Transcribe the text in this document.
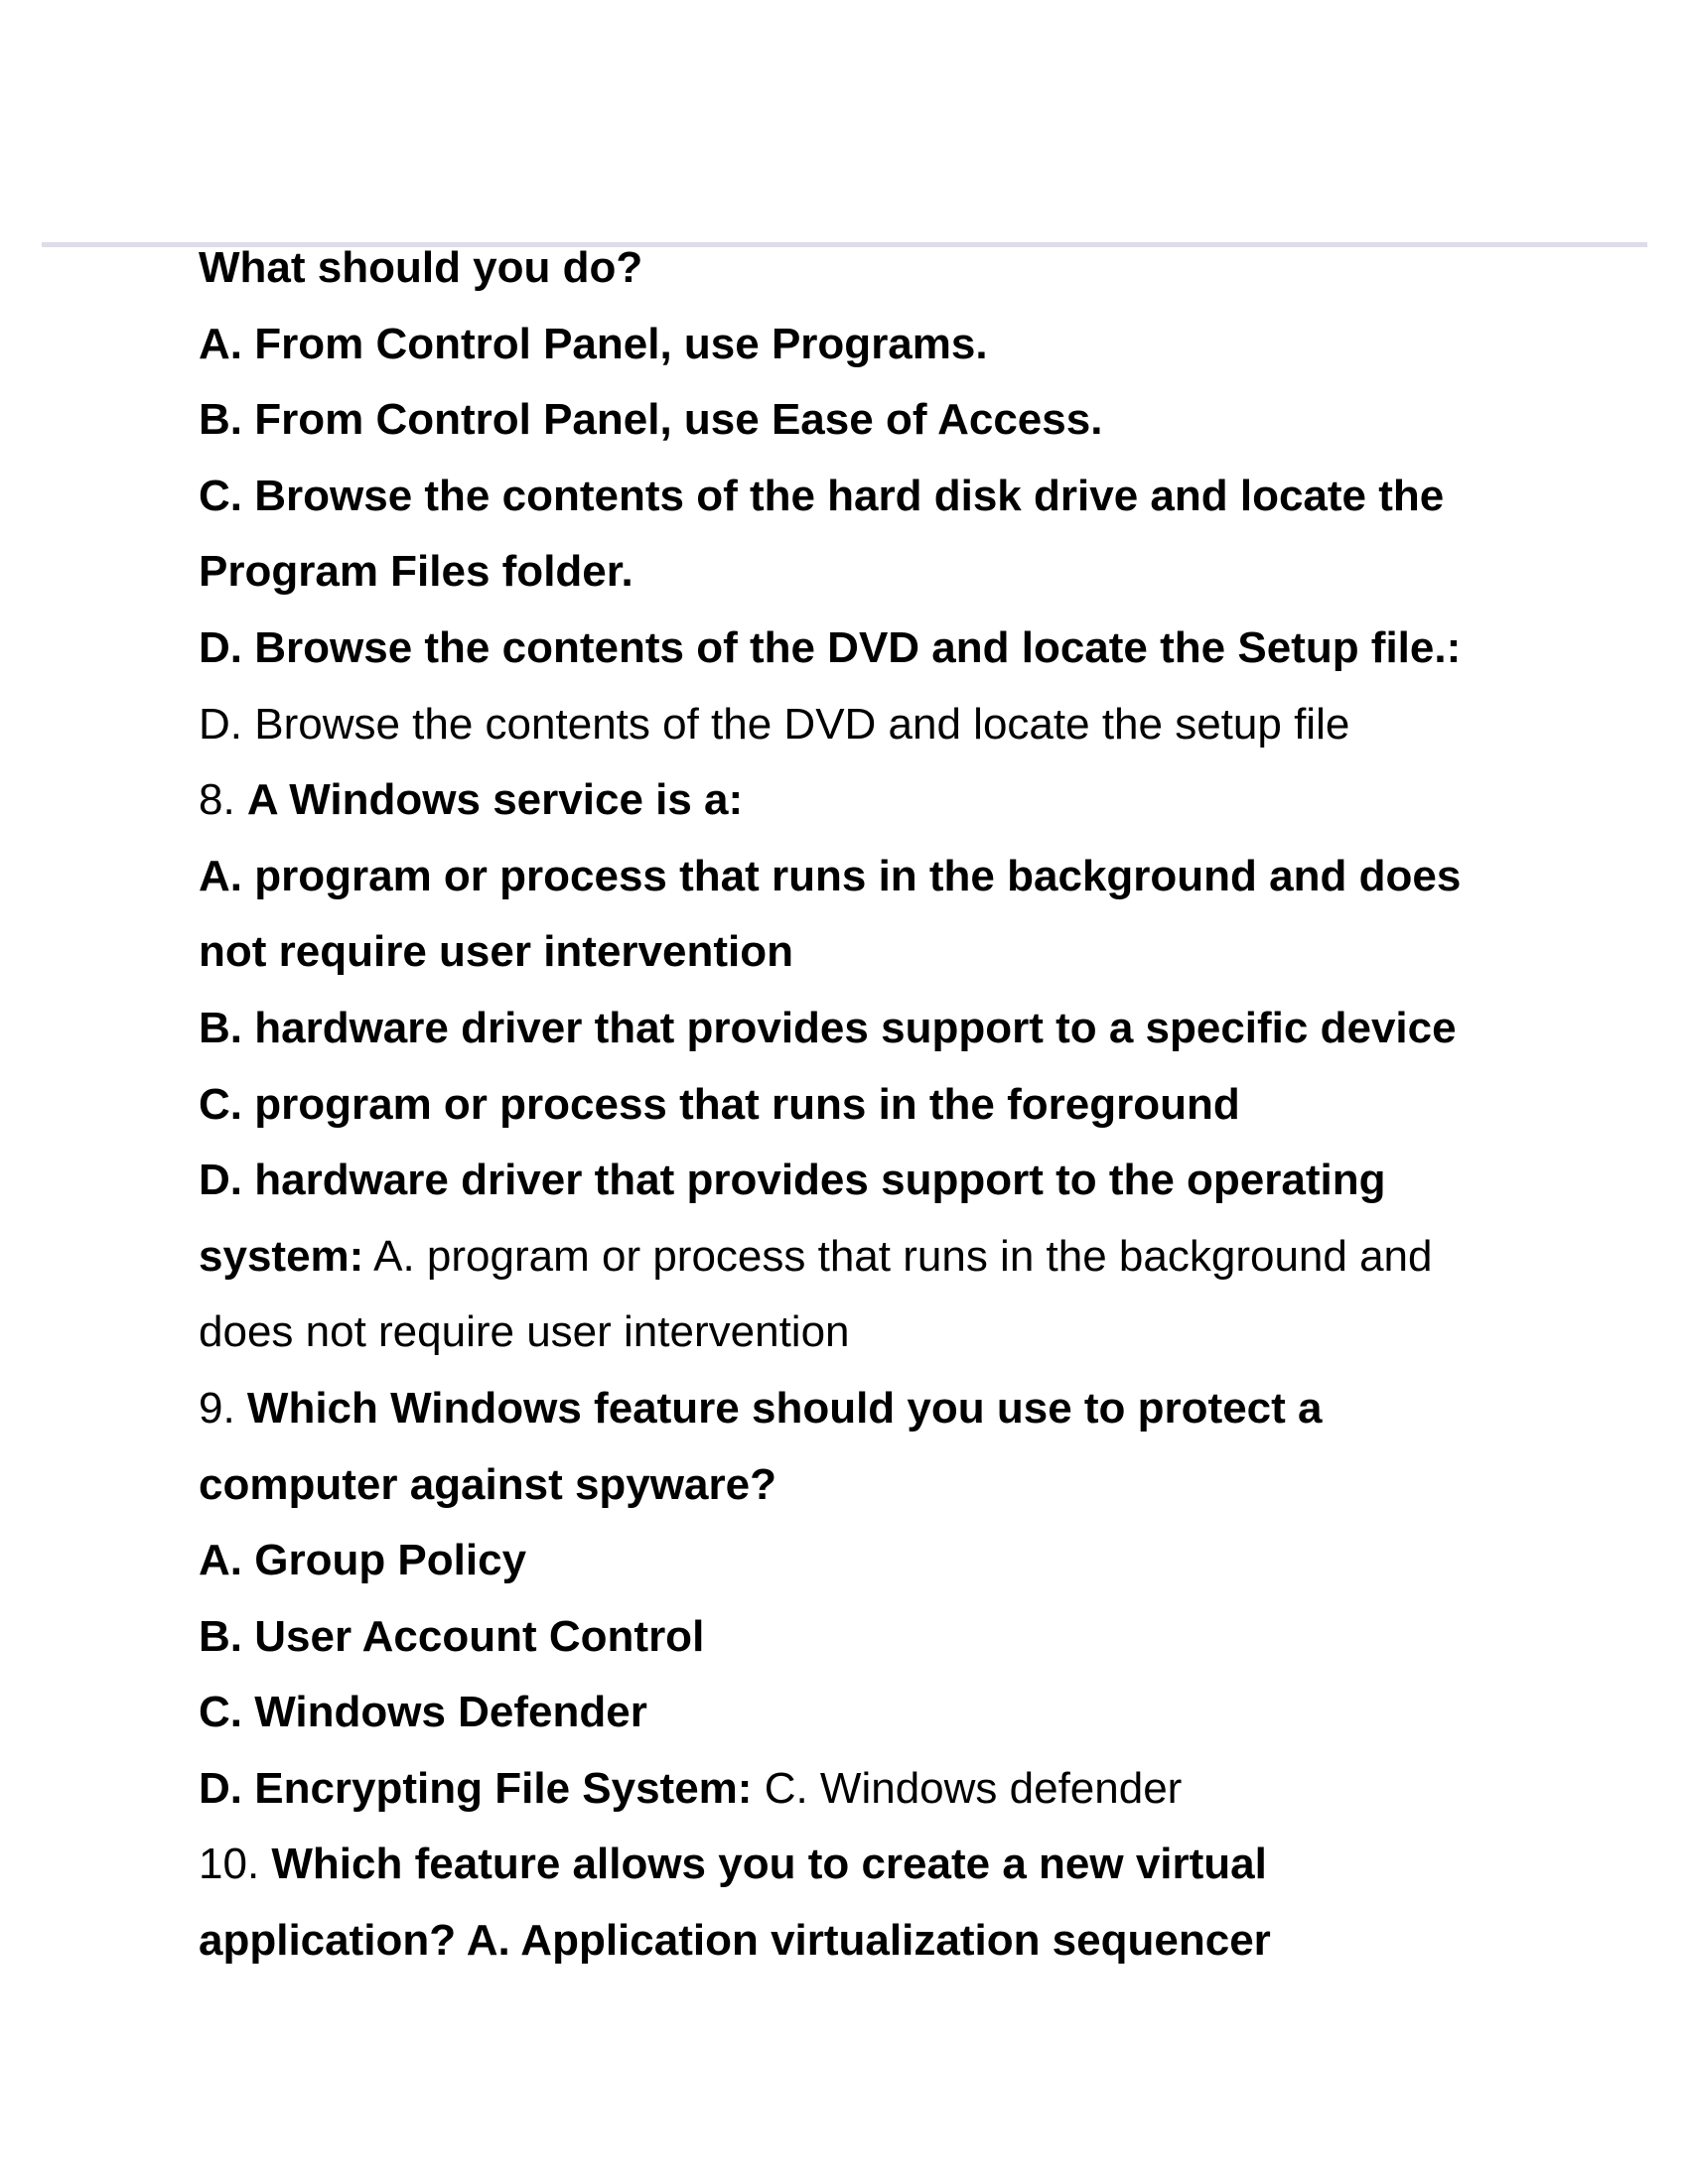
What should you do?
A. From Control Panel, use Programs.
B. From Control Panel, use Ease of Access.
C. Browse the contents of the hard disk drive and locate the
Program Files folder.
D. Browse the contents of the DVD and locate the Setup file.:
D. Browse the contents of the DVD and locate the setup file
8. A Windows service is a:
A. program or process that runs in the background and does
not require user intervention
B. hardware driver that provides support to a specific device
C. program or process that runs in the foreground
D. hardware driver that provides support to the operating
system: A. program or process that runs in the background and
does not require user intervention
9. Which Windows feature should you use to protect a
computer against spyware?
A. Group Policy
B. User Account Control
C. Windows Defender
D. Encrypting File System: C. Windows defender
10. Which feature allows you to create a new virtual
application? A. Application virtualization sequencer
